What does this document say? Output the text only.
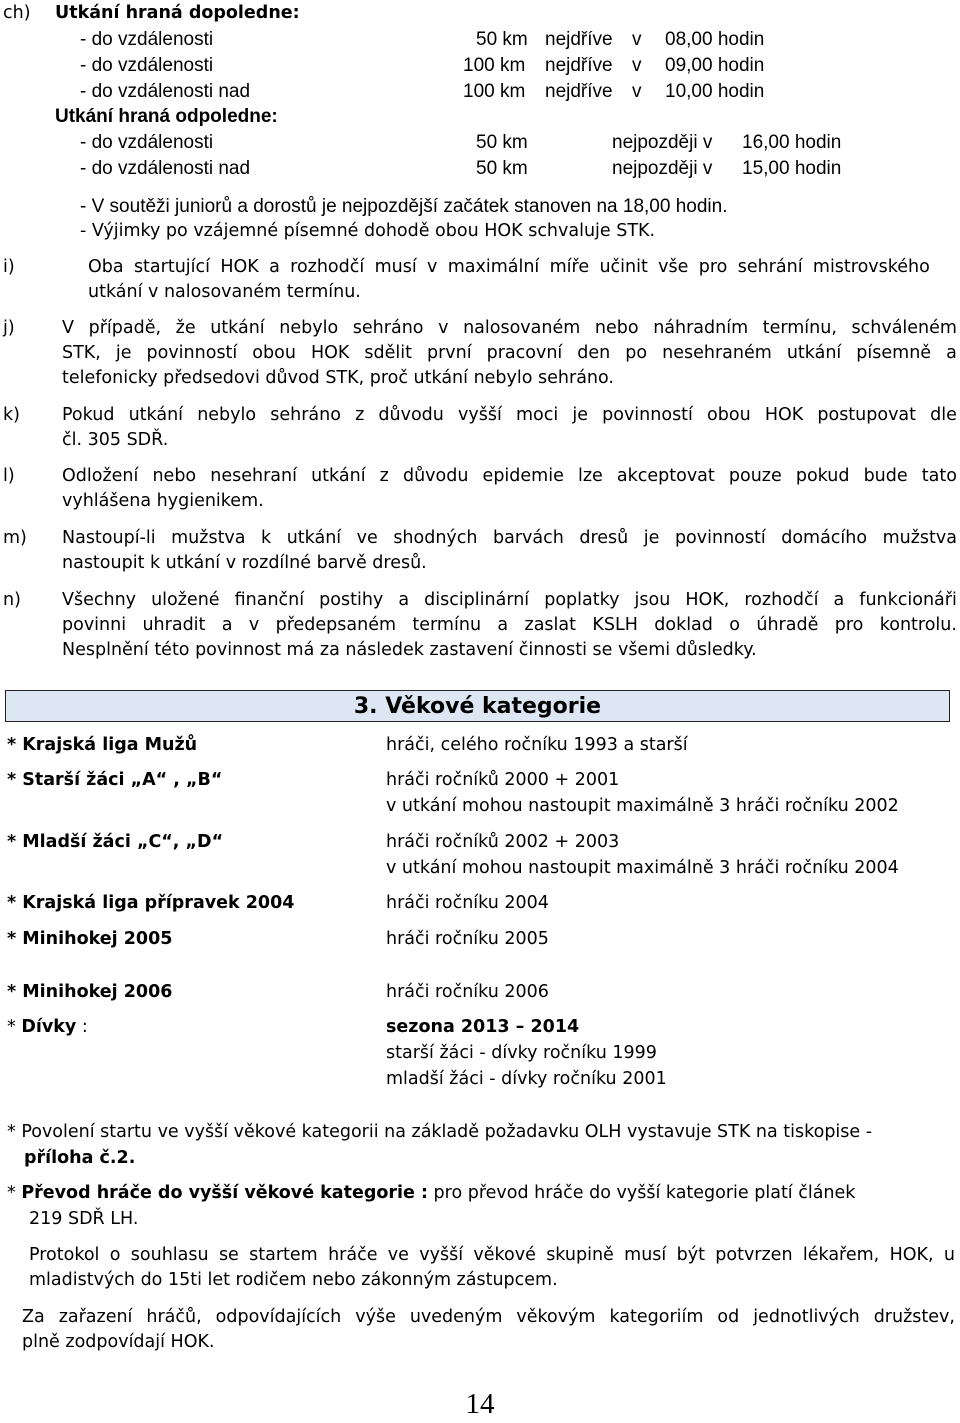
ch) Utkání hraná dopoledne:
- do vzdálenosti	50 km nejdříve v 08,00 hodin
- do vzdálenosti	100 km nejdříve v 09,00 hodin
- do vzdálenosti nad	100 km nejdříve v 10,00 hodin
Utkání hraná odpoledne:
- do vzdálenosti	50 km	nejpozději v 16,00 hodin
- do vzdálenosti nad	50 km	nejpozději v 15,00 hodin
- V soutěži juniorů a dorostů je nejpozdější začátek stanoven na 18,00 hodin.
- Výjimky po vzájemné písemné dohodě obou HOK schvaluje STK.
i)	Oba startující HOK a rozhodčí musí v maximální míře učinit vše pro sehrání mistrovského
utkání v nalosovaném termínu.
j)	V případě, že utkání nebylo sehráno v nalosovaném nebo náhradním termínu, schváleném
STK, je povinností obou HOK sdělit první pracovní den po nesehraném utkání písemně a
telefonicky předsedovi důvod STK, proč utkání nebylo sehráno.
k) Pokud utkání nebylo sehráno z důvodu vyšší moci je povinností obou HOK postupovat dle
čl. 305 SDŘ.
l)	Odložení nebo nesehraní utkání z důvodu epidemie lze akceptovat pouze pokud bude tato
vyhlášena hygienikem.
m) Nastoupí-li mužstva k utkání ve shodných barvách dresů je povinností domácího mužstva
nastoupit k utkání v rozdílné barvě dresů.
n) Všechny uložené finanční postihy a disciplinární poplatky jsou HOK, rozhodčí a funkcionáři
povinni uhradit a v předepsaném termínu a zaslat KSLH doklad o úhradě pro kontrolu.
Nesplnění této povinnost má za následek zastavení činnosti se všemi důsledky.
3. Věkové kategorie
* Krajská liga Mužů	hráči, celého ročníku 1993 a starší
* Starší žáci „A“ , „B“	hráči ročníků 2000 + 2001
v utkání mohou nastoupit maximálně 3 hráči ročníku 2002
* Mladší žáci „C“, „D“	hráči ročníků 2002 + 2003
v utkání mohou nastoupit maximálně 3 hráči ročníku 2004
* Krajská liga přípravek 2004	hráči ročníku 2004
* Minihokej 2005	hráči ročníku 2005
* Minihokej 2006	hráči ročníku 2006
* Dívky :	sezona 2013 – 2014
starší žáci - dívky ročníku 1999
mladší žáci - dívky ročníku 2001
* Povolení startu ve vyšší věkové kategorii na základě požadavku OLH vystavuje STK na tiskopise -
příloha č.2.
* Převod hráče do vyšší věkové kategorie : pro převod hráče do vyšší kategorie platí článek
219 SDŘ LH.
Protokol o souhlasu se startem hráče ve vyšší věkové skupině musí být potvrzen lékařem, HOK, u
mladistvých do 15ti let rodičem nebo zákonným zástupcem.
Za zařazení hráčů, odpovídajících výše uvedeným věkovým kategoriím od jednotlivých družstev,
plně zodpovídají HOK.
14
